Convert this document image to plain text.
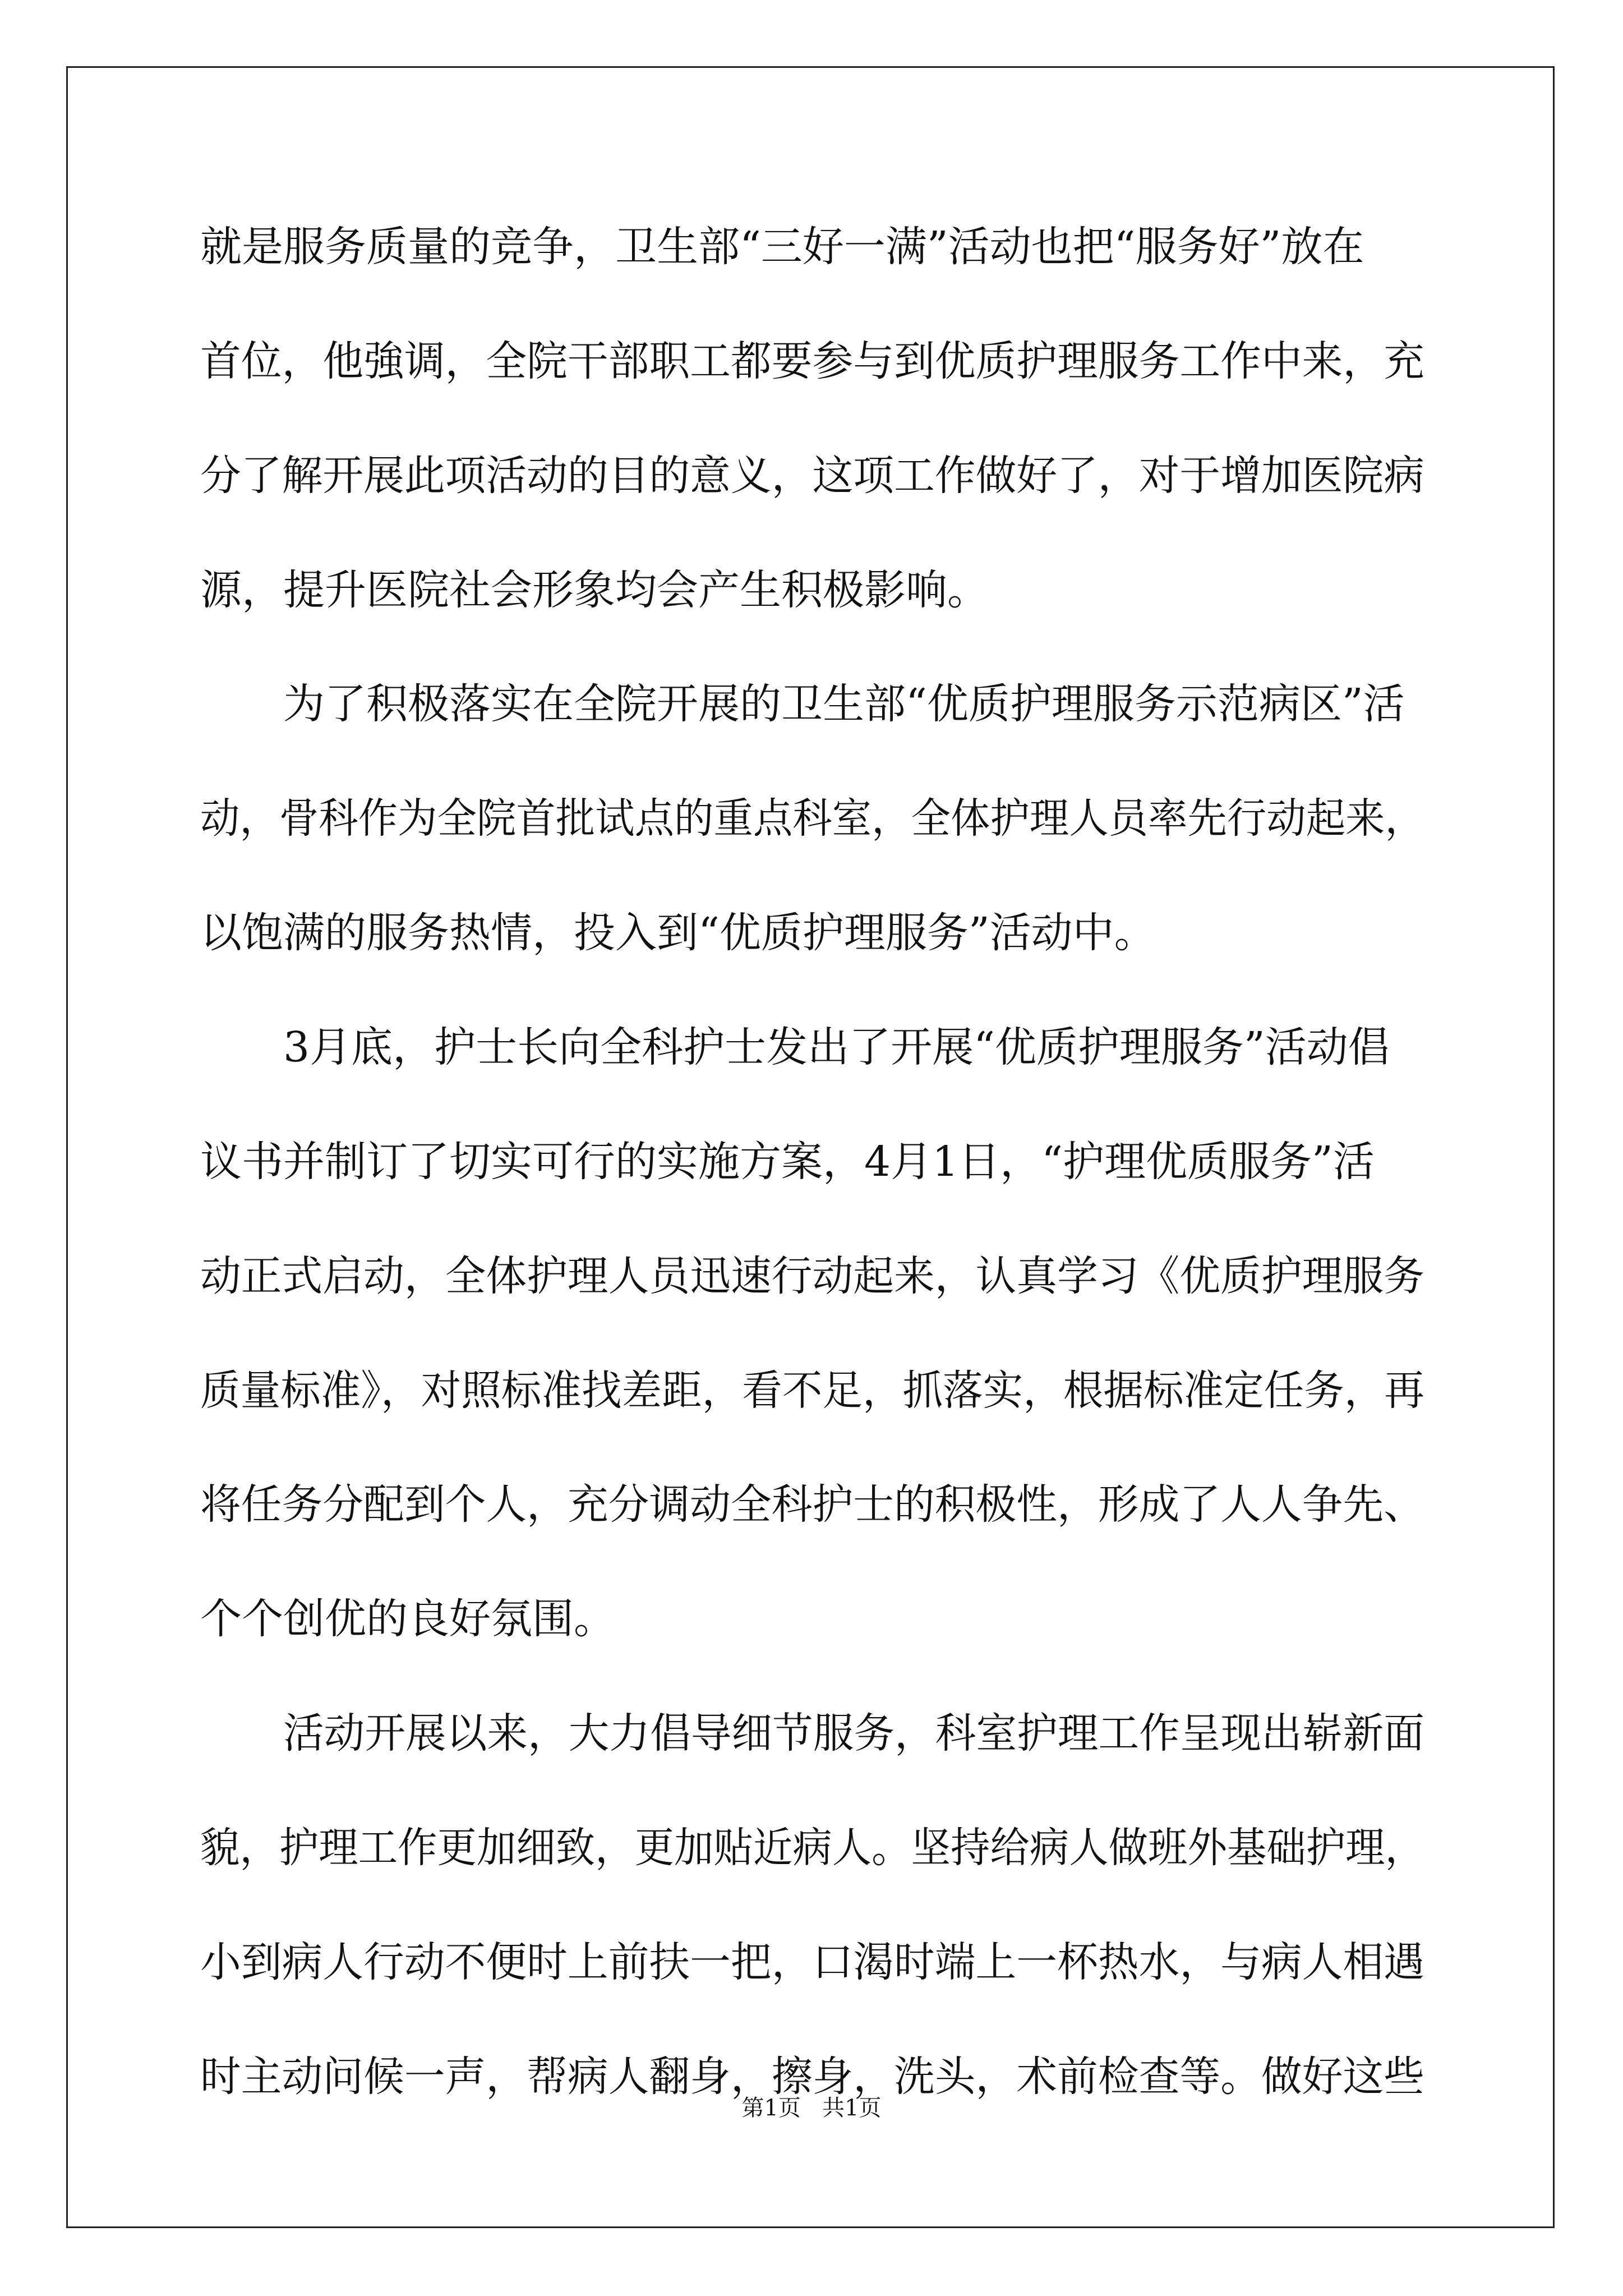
就是服务质量的竞争，卫生部“三好一满”活动也把“服务好”放在

首位，他強调，全院干部职工都要参与到优质护理服务工作中来，充

分了解开展此项活动的目的意义，这项工作做好了，对于增加医院病

源，提升医院社会形象均会产生积极影响。

为了积极落实在全院开展的卫生部“优质护理服务示范病区”活

动，骨科作为全院首批试点的重点科室，全体护理人员率先行动起来，

以饱满的服务热情，投入到“优质护理服务”活动中。

3月底，护士长向全科护士发出了开展“优质护理服务”活动倡

议书并制订了切实可行的实施方案，4月1日，“护理优质服务”活

动正式启动，全体护理人员迅速行动起来，认真学习《优质护理服务

质量标准》，对照标准找差距，看不足，抓落实，根据标准定任务，再

将任务分配到个人，充分调动全科护士的积极性，形成了人人争先、

个个创优的良好氛围。

活动开展以来，大力倡导细节服务，科室护理工作呈现出崭新面

貌，护理工作更加细致，更加贴近病人。坚持给病人做班外基础护理，

小到病人行动不便时上前扶一把，口渴时端上一杯热水，与病人相遇

时主动问候一声，帮病人翻身，擦身，洗头，术前检查等。做好这些

第1页   共1页
